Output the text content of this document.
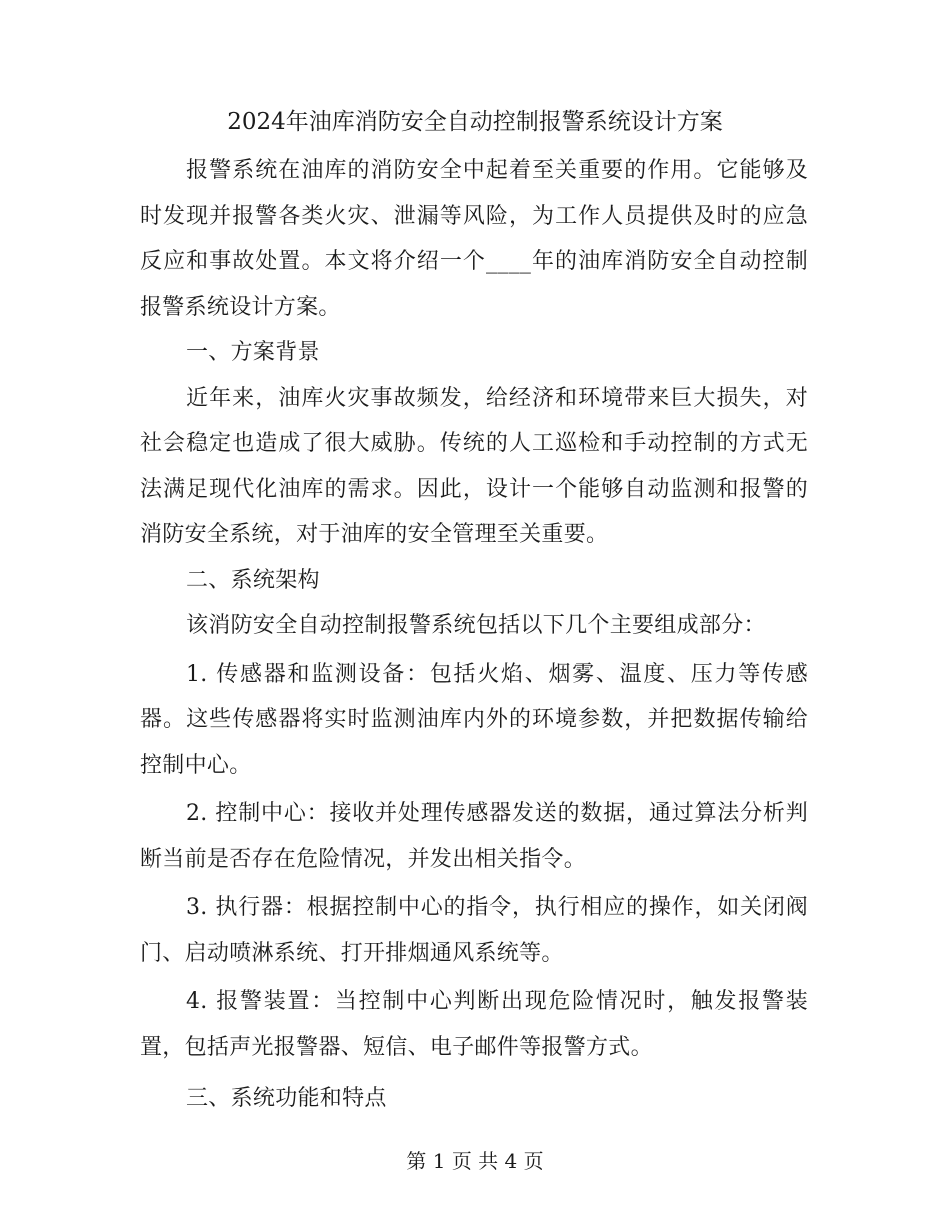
2024年油库消防安全自动控制报警系统设计方案

报警系统在油库的消防安全中起着至关重要的作用。它能够及时发现并报警各类火灾、泄漏等风险，为工作人员提供及时的应急反应和事故处置。本文将介绍一个____年的油库消防安全自动控制报警系统设计方案。

一、方案背景

近年来，油库火灾事故频发，给经济和环境带来巨大损失，对社会稳定也造成了很大威胁。传统的人工巡检和手动控制的方式无法满足现代化油库的需求。因此，设计一个能够自动监测和报警的消防安全系统，对于油库的安全管理至关重要。

二、系统架构

该消防安全自动控制报警系统包括以下几个主要组成部分：

1. 传感器和监测设备：包括火焰、烟雾、温度、压力等传感器。这些传感器将实时监测油库内外的环境参数，并把数据传输给控制中心。

2. 控制中心：接收并处理传感器发送的数据，通过算法分析判断当前是否存在危险情况，并发出相关指令。

3. 执行器：根据控制中心的指令，执行相应的操作，如关闭阀门、启动喷淋系统、打开排烟通风系统等。

4. 报警装置：当控制中心判断出现危险情况时，触发报警装置，包括声光报警器、短信、电子邮件等报警方式。

三、系统功能和特点

第 1 页 共 4 页
